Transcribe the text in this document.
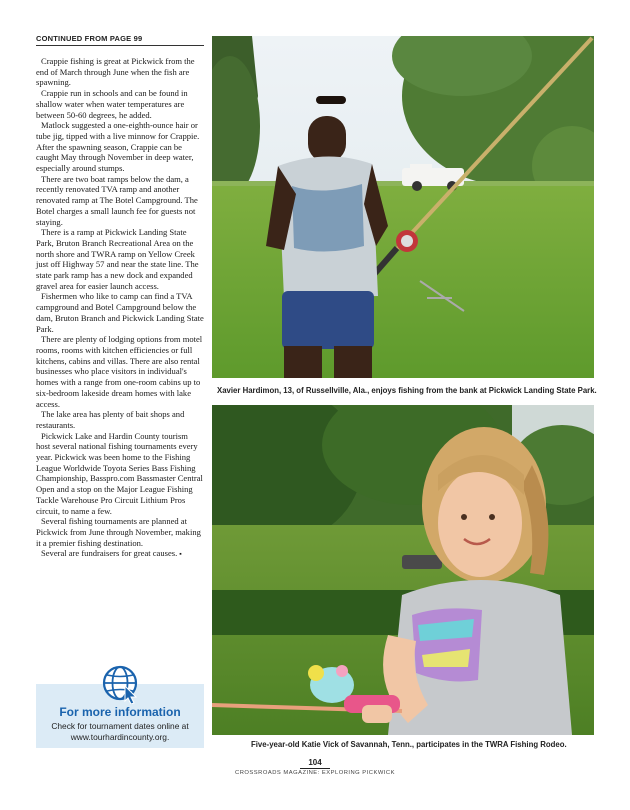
CONTINUED FROM PAGE 99

Crappie fishing is great at Pickwick from the end of March through June when the fish are spawning.

Crappie run in schools and can be found in shallow water when water temperatures are between 50-60 degrees, he added.

Matlock suggested a one-eighth-ounce hair or tube jig, tipped with a live minnow for Crappie. After the spawning season, Crappie can be caught May through November in deep water, especially around stumps.

There are two boat ramps below the dam, a recently renovated TVA ramp and another renovated ramp at The Botel Campground. The Botel charges a small launch fee for guests not staying.

There is a ramp at Pickwick Landing State Park, Bruton Branch Recreational Area on the north shore and TWRA ramp on Yellow Creek just off Highway 57 and near the state line. The state park ramp has a new dock and expanded gravel area for easier launch access.

Fishermen who like to camp can find a TVA campground and Botel Campground below the dam, Bruton Branch and Pickwick Landing State Park.

There are plenty of lodging options from motel rooms, rooms with kitchen efficiencies or full kitchens, cabins and villas. There are also rental businesses who place visitors in individual's homes with a range from one-room cabins up to six-bedroom lakeside dream homes with lake access.

The lake area has plenty of bait shops and restaurants.

Pickwick Lake and Hardin County tourism host several national fishing tournaments every year. Pickwick was been home to the Fishing League Worldwide Toyota Series Bass Fishing Championship, Basspro.com Bassmaster Central Open and a stop on the Major League Fishing Tackle Warehouse Pro Circuit Lithium Pros circuit, to name a few.

Several fishing tournaments are planned at Pickwick from June through November, making it a premier fishing destination.

Several are fundraisers for great causes. ▪

For more information
Check for tournament dates online at www.tourhardincounty.org.
Xavier Hardimon, 13, of Russellville, Ala., enjoys fishing from the bank at Pickwick Landing State Park.
Five-year-old Katie Vick of Savannah, Tenn., participates in the TWRA Fishing Rodeo.
104
CROSSROADS MAGAZINE: EXPLORING PICKWICK
